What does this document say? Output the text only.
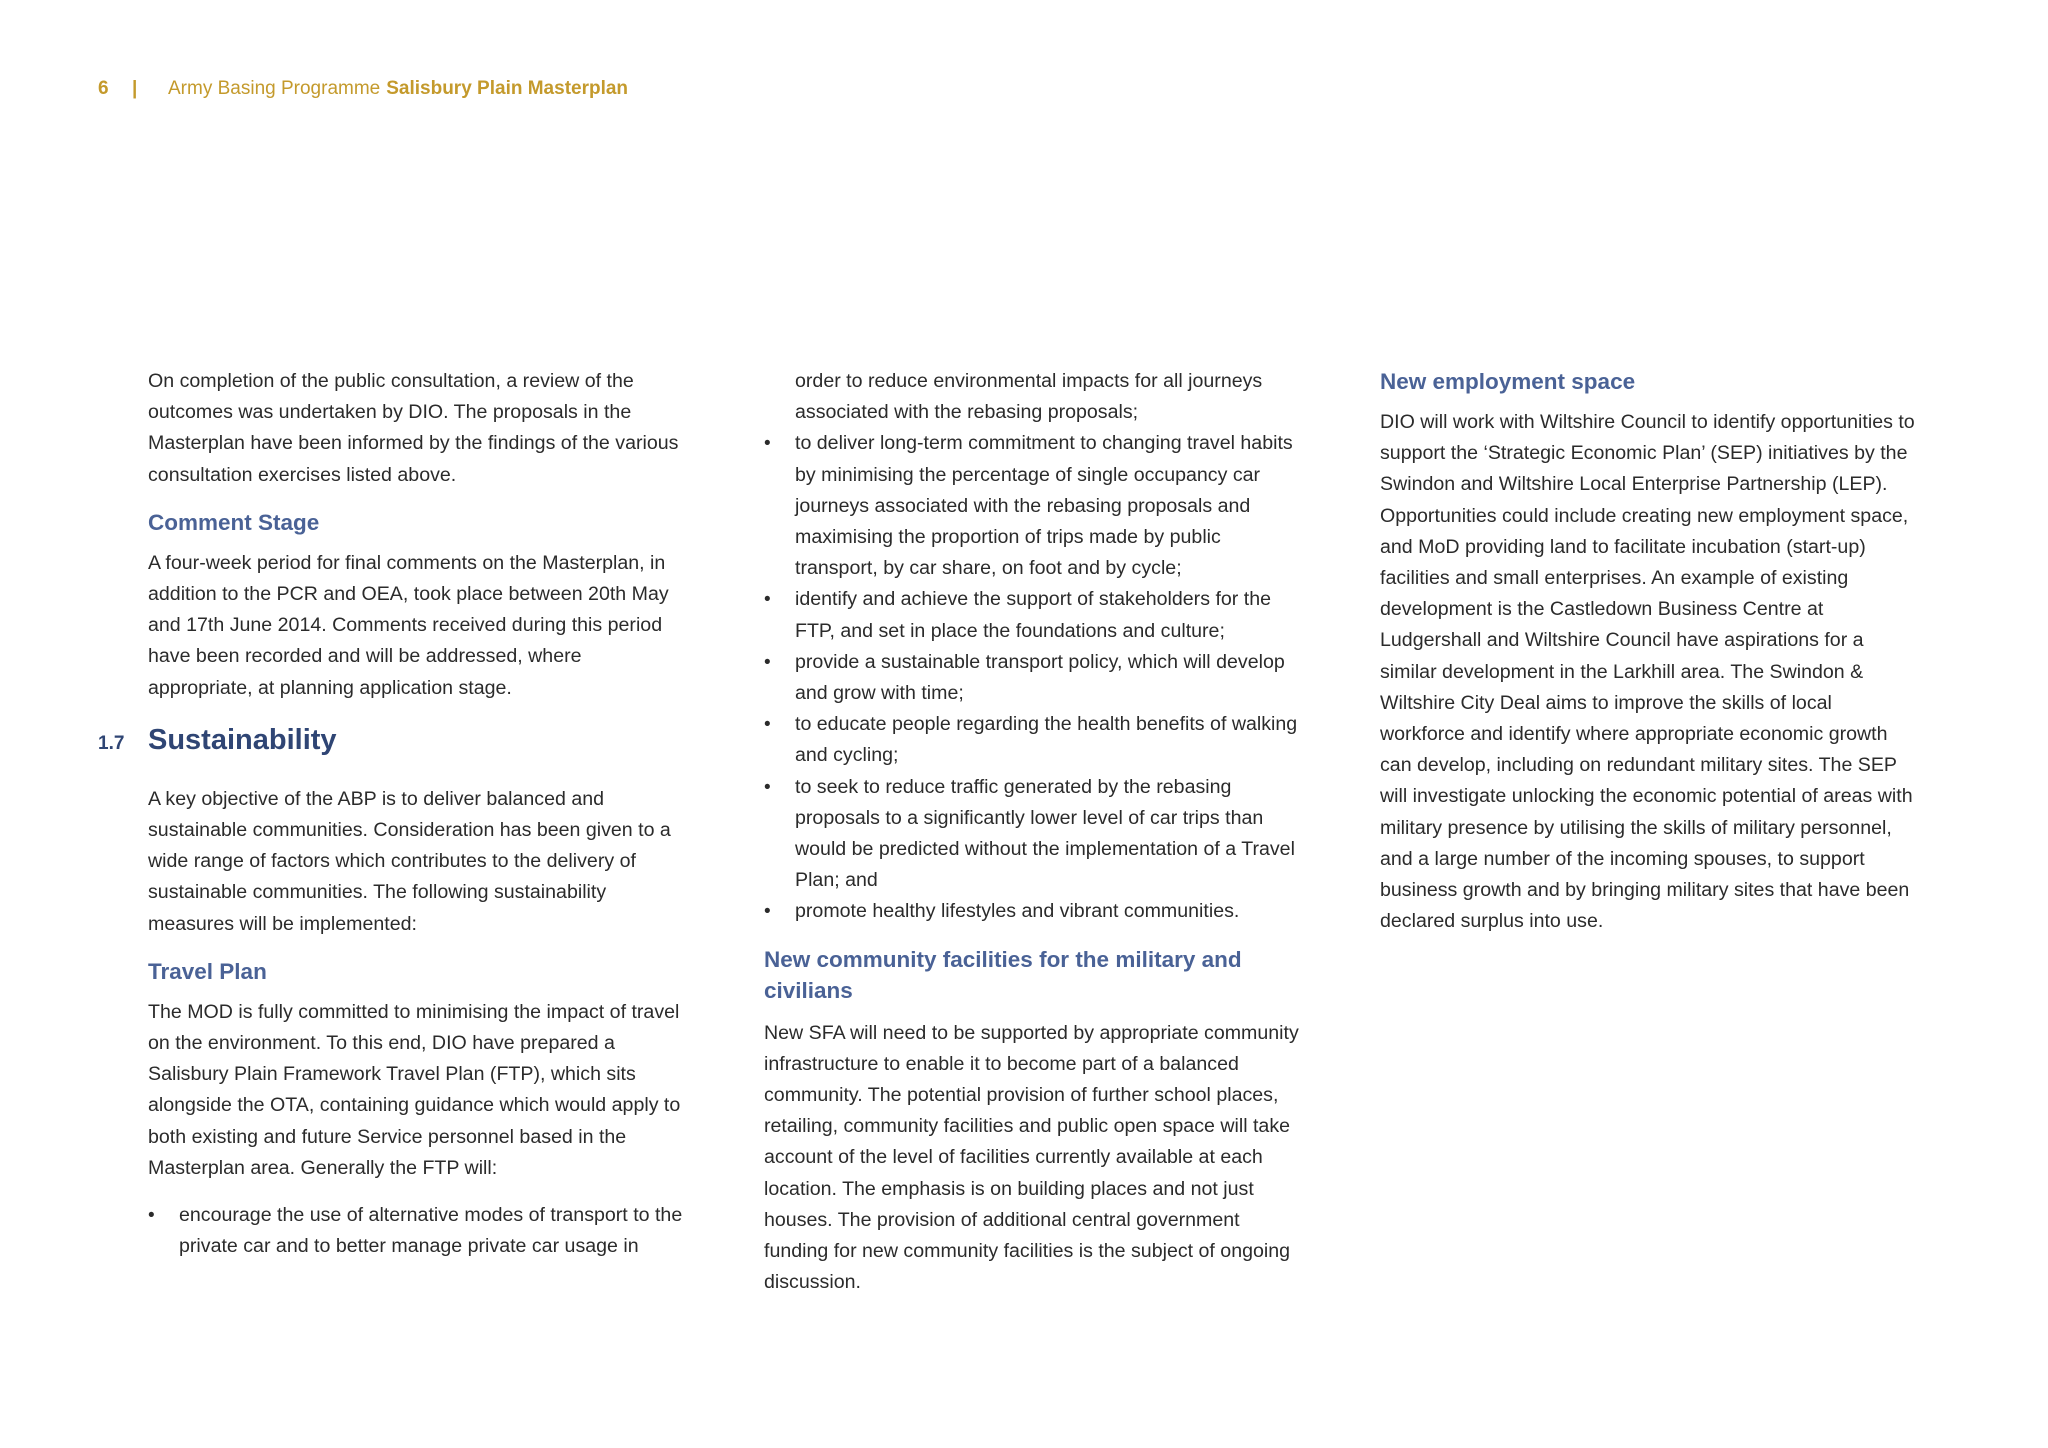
6 | Army Basing Programme Salisbury Plain Masterplan

On completion of the public consultation, a review of the outcomes was undertaken by DIO. The proposals in the Masterplan have been informed by the findings of the various consultation exercises listed above.

Comment Stage

A four-week period for final comments on the Masterplan, in addition to the PCR and OEA, took place between 20th May and 17th June 2014. Comments received during this period have been recorded and will be addressed, where appropriate, at planning application stage.

1.7 Sustainability

A key objective of the ABP is to deliver balanced and sustainable communities. Consideration has been given to a wide range of factors which contributes to the delivery of sustainable communities. The following sustainability measures will be implemented:

Travel Plan

The MOD is fully committed to minimising the impact of travel on the environment. To this end, DIO have prepared a Salisbury Plain Framework Travel Plan (FTP), which sits alongside the OTA, containing guidance which would apply to both existing and future Service personnel based in the Masterplan area. Generally the FTP will:

• encourage the use of alternative modes of transport to the private car and to better manage private car usage in

order to reduce environmental impacts for all journeys associated with the rebasing proposals;

• to deliver long-term commitment to changing travel habits by minimising the percentage of single occupancy car journeys associated with the rebasing proposals and maximising the proportion of trips made by public transport, by car share, on foot and by cycle;
• identify and achieve the support of stakeholders for the FTP, and set in place the foundations and culture;
• provide a sustainable transport policy, which will develop and grow with time;
• to educate people regarding the health benefits of walking and cycling;
• to seek to reduce traffic generated by the rebasing proposals to a significantly lower level of car trips than would be predicted without the implementation of a Travel Plan; and
• promote healthy lifestyles and vibrant communities.
New community facilities for the military and civilians

New SFA will need to be supported by appropriate community infrastructure to enable it to become part of a balanced community. The potential provision of further school places, retailing, community facilities and public open space will take account of the level of facilities currently available at each location. The emphasis is on building places and not just houses. The provision of additional central government funding for new community facilities is the subject of ongoing discussion.

New employment space

DIO will work with Wiltshire Council to identify opportunities to support the ‘Strategic Economic Plan’ (SEP) initiatives by the Swindon and Wiltshire Local Enterprise Partnership (LEP). Opportunities could include creating new employment space, and MoD providing land to facilitate incubation (start-up) facilities and small enterprises. An example of existing development is the Castledown Business Centre at Ludgershall and Wiltshire Council have aspirations for a similar development in the Larkhill area. The Swindon & Wiltshire City Deal aims to improve the skills of local workforce and identify where appropriate economic growth can develop, including on redundant military sites. The SEP will investigate unlocking the economic potential of areas with military presence by utilising the skills of military personnel, and a large number of the incoming spouses, to support business growth and by bringing military sites that have been declared surplus into use.
